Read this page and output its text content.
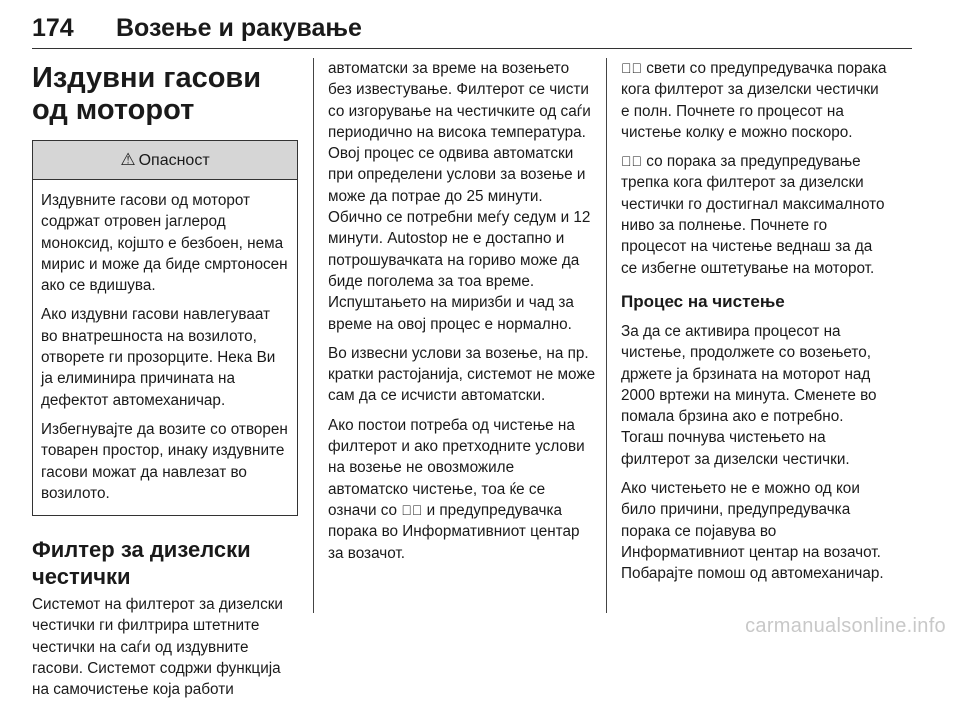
174 Возење и ракување
Издувни гасови од моторот
⚠ Опасност

Издувните гасови од моторот содржат отровен јаглерод моноксид, којшто е безбоен, нема мирис и може да биде смртоносен ако се вдишува.

Ако издувни гасови навлегуваат во внатрешноста на возилото, отворете ги прозорците. Нека Ви ја елиминира причината на дефектот автомеханичар.

Избегнувајте да возите со отворен товарен простор, инаку издувните гасови можат да навлезат во возилото.

Филтер за дизелски честички

Системот на филтерот за дизелски честички ги филтрира штетните честички на саѓи од издувните гасови. Системот содржи функција на самочистење која работи

автоматски за време на возењето без известување. Филтерот се чисти со изгорување на честичките од саѓи периодично на висока температура. Овој процес се одвива автоматски при определени услови за возење и може да потрае до 25 минути. Обично се потребни меѓу седум и 12 минути. Autostop не е достапно и потрошувачката на гориво може да биде поголема за тоа време. Испуштањето на миризби и чад за време на овој процес е нормално.

Во извесни услови за возење, на пр. кратки растојанија, системот не може сам да се исчисти автоматски.

Ако постои потреба од чистење на филтерот и ако претходните услови на возење не овозможиле автоматско чистење, тоа ќе се означи со ⸫⃝ и предупредувачка порака во Информативниот центар за возачот.

⸫⃝ свети со предупредувачка порака кога филтерот за дизелски честички е полн. Почнете го процесот на чистење колку е можно поскоро.

⸫⃝ со порака за предупредување трепка кога филтерот за дизелски честички го достигнал максималното ниво за полнење. Почнете го процесот на чистење веднаш за да се избегне оштетување на моторот.

Процес на чистење

За да се активира процесот на чистење, продолжете со возењето, држете ја брзината на моторот над 2000 вртежи на минута. Сменете во помала брзина ако е потребно. Тогаш почнува чистењето на филтерот за дизелски честички.

Ако чистењето не е можно од кои било причини, предупредувачка порака се појавува во Информативниот центар на возачот. Побарајте помош од автомеханичар.

carmanualsonline.info
